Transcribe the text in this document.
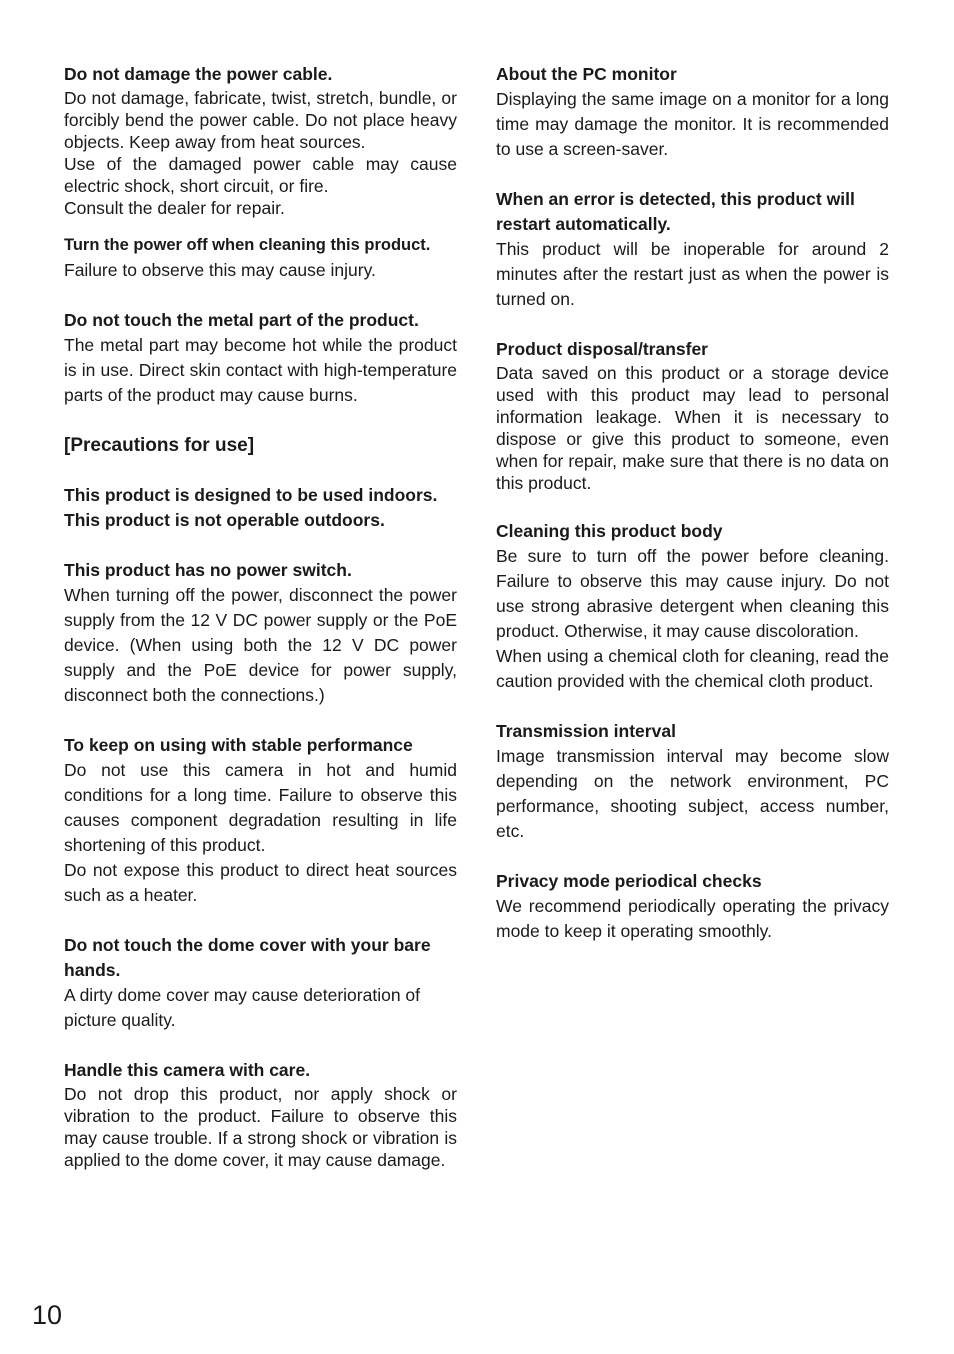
Do not damage the power cable.

Do not damage, fabricate, twist, stretch, bundle, or forcibly bend the power cable. Do not place heavy objects. Keep away from heat sources.

Use of the damaged power cable may cause electric shock, short circuit, or fire.

Consult the dealer for repair.

Turn the power off when cleaning this product.

Failure to observe this may cause injury.

Do not touch the metal part of the product.

The metal part may become hot while the product is in use. Direct skin contact with high-temperature parts of the product may cause burns.

[Precautions for use]

This product is designed to be used indoors.

This product is not operable outdoors.

This product has no power switch.

When turning off the power, disconnect the power supply from the 12 V DC power supply or the PoE device. (When using both the 12 V DC power supply and the PoE device for power supply, disconnect both the connections.)

To keep on using with stable performance

Do not use this camera in hot and humid conditions for a long time. Failure to observe this causes component degradation resulting in life shortening of this product.

Do not expose this product to direct heat sources such as a heater.

Do not touch the dome cover with your bare hands.

A dirty dome cover may cause deterioration of picture quality.

Handle this camera with care.

Do not drop this product, nor apply shock or vibration to the product. Failure to observe this may cause trouble. If a strong shock or vibration is applied to the dome cover, it may cause damage.

About the PC monitor

Displaying the same image on a monitor for a long time may damage the monitor. It is recommended to use a screen-saver.

When an error is detected, this product will restart automatically.

This product will be inoperable for around 2 minutes after the restart just as when the power is turned on.

Product disposal/transfer

Data saved on this product or a storage device used with this product may lead to personal information leakage. When it is necessary to dispose or give this product to someone, even when for repair, make sure that there is no data on this product.

Cleaning this product body

Be sure to turn off the power before cleaning. Failure to observe this may cause injury. Do not use strong abrasive detergent when cleaning this product. Otherwise, it may cause discoloration.

When using a chemical cloth for cleaning, read the caution provided with the chemical cloth product.

Transmission interval

Image transmission interval may become slow depending on the network environment, PC performance, shooting subject, access number, etc.

Privacy mode periodical checks

We recommend periodically operating the privacy mode to keep it operating smoothly.

10
